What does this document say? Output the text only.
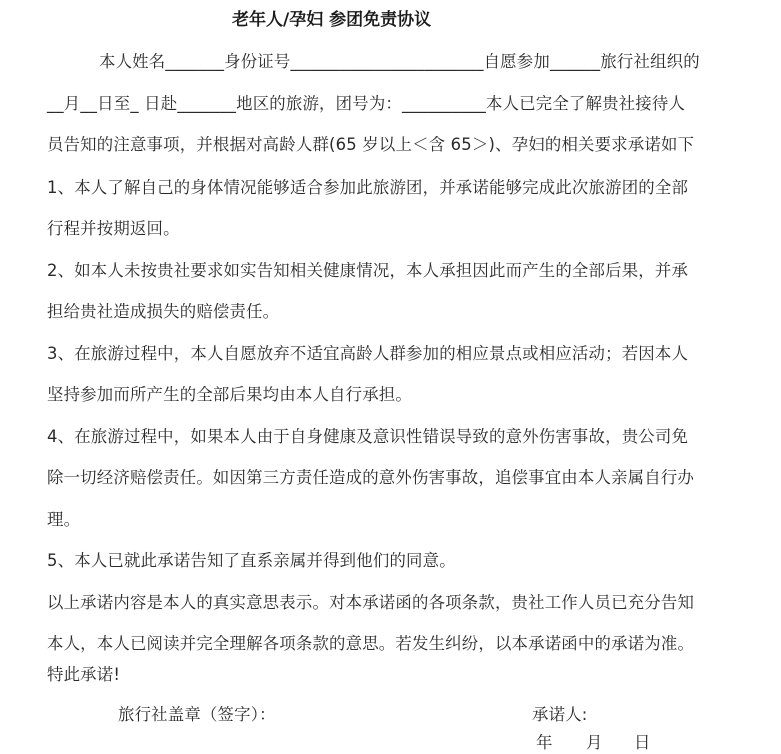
老年人/孕妇 参团免责协议
本人姓名_______身份证号_______________________自愿参加______旅行社组织的
__月__日至_ 日赴_______地区的旅游，团号为：__________本人已完全了解贵社接待人
员告知的注意事项，并根据对高龄人群(65 岁以上＜含 65＞)、孕妇的相关要求承诺如下
1、本人了解自己的身体情况能够适合参加此旅游团，并承诺能够完成此次旅游团的全部
行程并按期返回。
2、如本人未按贵社要求如实告知相关健康情况，本人承担因此而产生的全部后果，并承
担给贵社造成损失的赔偿责任。
3、在旅游过程中，本人自愿放弃不适宜高龄人群参加的相应景点或相应活动；若因本人
坚持参加而所产生的全部后果均由本人自行承担。
4、在旅游过程中，如果本人由于自身健康及意识性错误导致的意外伤害事故，贵公司免
除一切经济赔偿责任。如因第三方责任造成的意外伤害事故，追偿事宜由本人亲属自行办
理。
5、本人已就此承诺告知了直系亲属并得到他们的同意。
以上承诺内容是本人的真实意思表示。对本承诺函的各项条款，贵社工作人员已充分告知
本人，本人已阅读并完全理解各项条款的意思。若发生纠纷，以本承诺函中的承诺为准。
特此承诺!
旅行社盖章（签字）：	承诺人:
年 月 日
